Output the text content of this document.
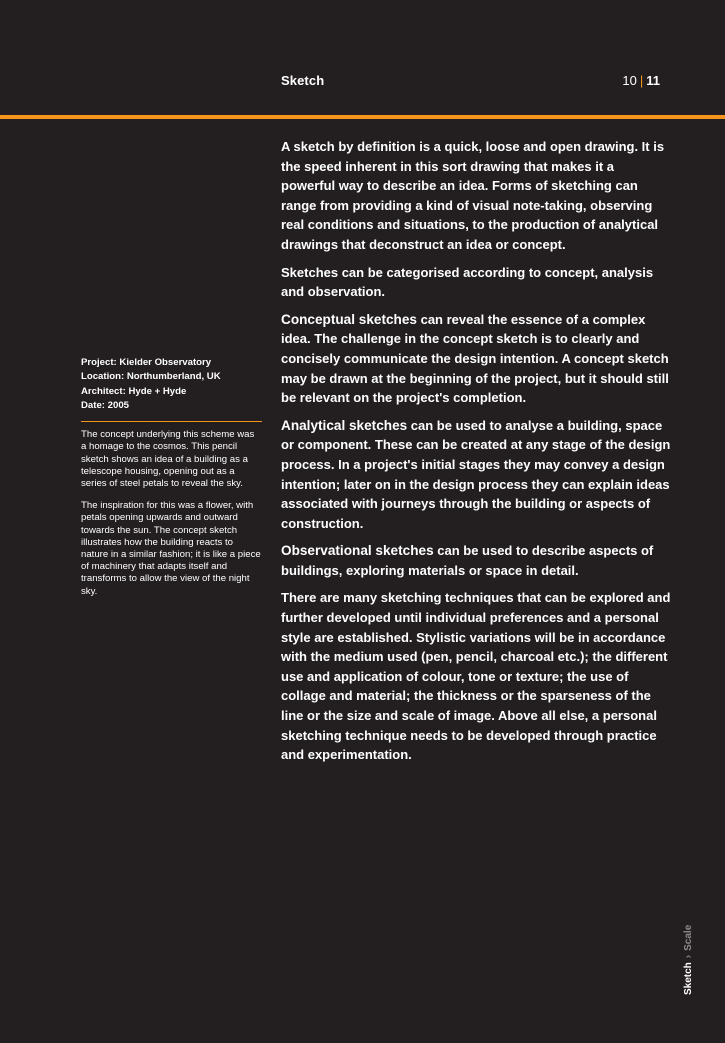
Sketch	10 | 11
Project: Kielder Observatory
Location: Northumberland, UK
Architect: Hyde + Hyde
Date: 2005

The concept underlying this scheme was a homage to the cosmos. This pencil sketch shows an idea of a building as a telescope housing, opening out as a series of steel petals to reveal the sky.

The inspiration for this was a flower, with petals opening upwards and outward towards the sun. The concept sketch illustrates how the building reacts to nature in a similar fashion; it is like a piece of machinery that adapts itself and transforms to allow the view of the night sky.

A sketch by definition is a quick, loose and open drawing. It is the speed inherent in this sort drawing that makes it a powerful way to describe an idea. Forms of sketching can range from providing a kind of visual note-taking, observing real conditions and situations, to the production of analytical drawings that deconstruct an idea or concept.

Sketches can be categorised according to concept, analysis and observation.

Conceptual sketches can reveal the essence of a complex idea. The challenge in the concept sketch is to clearly and concisely communicate the design intention. A concept sketch may be drawn at the beginning of the project, but it should still be relevant on the project's completion.

Analytical sketches can be used to analyse a building, space or component. These can be created at any stage of the design process. In a project's initial stages they may convey a design intention; later on in the design process they can explain ideas associated with journeys through the building or aspects of construction.

Observational sketches can be used to describe aspects of buildings, exploring materials or space in detail.

There are many sketching techniques that can be explored and further developed until individual preferences and a personal style are established. Stylistic variations will be in accordance with the medium used (pen, pencil, charcoal etc.); the different use and application of colour, tone or texture; the use of collage and material; the thickness or the sparseness of the line or the size and scale of image. Above all else, a personal sketching technique needs to be developed through practice and experimentation.

Sketch›Scale
